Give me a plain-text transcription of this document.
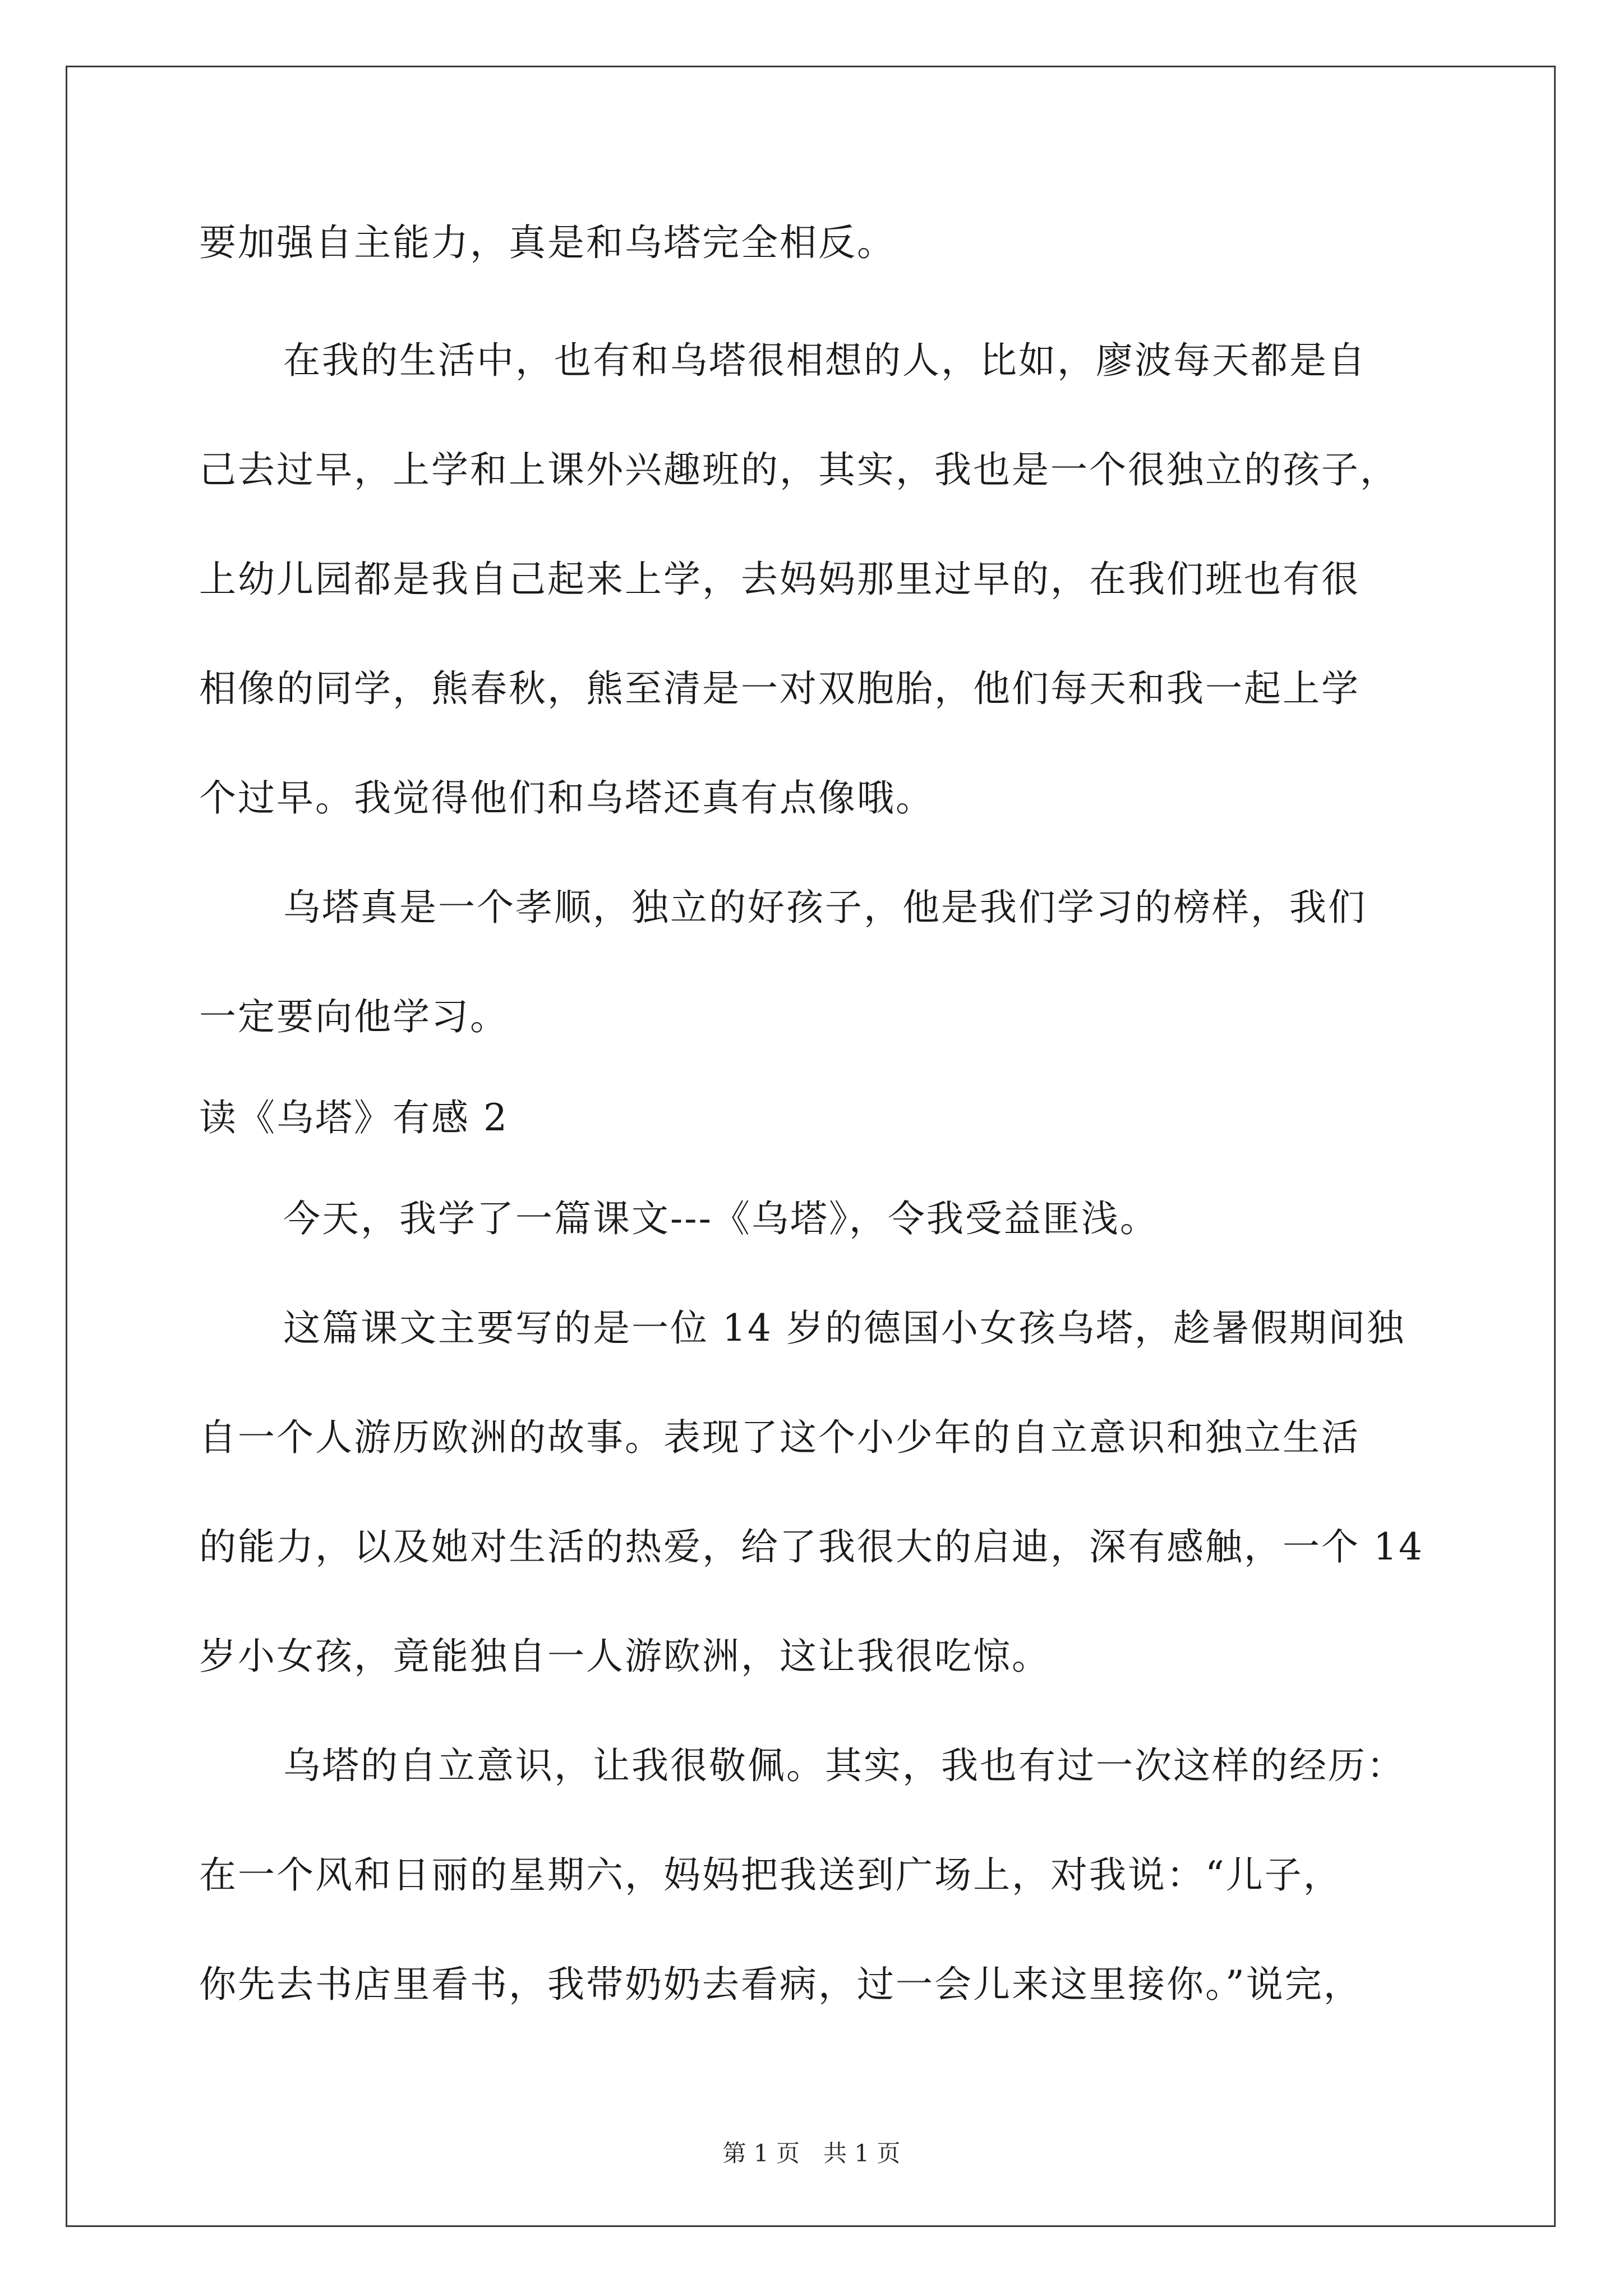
要加强自主能力，真是和乌塔完全相反。
在我的生活中，也有和乌塔很相想的人，比如，廖波每天都是自
己去过早，上学和上课外兴趣班的，其实，我也是一个很独立的孩子，
上幼儿园都是我自己起来上学，去妈妈那里过早的，在我们班也有很
相像的同学，熊春秋，熊至清是一对双胞胎，他们每天和我一起上学
个过早。我觉得他们和乌塔还真有点像哦。
乌塔真是一个孝顺，独立的好孩子，他是我们学习的榜样，我们
一定要向他学习。
读《乌塔》有感 2
今天，我学了一篇课文---《乌塔》，令我受益匪浅。
这篇课文主要写的是一位 14 岁的德国小女孩乌塔，趁暑假期间独
自一个人游历欧洲的故事。表现了这个小少年的自立意识和独立生活
的能力，以及她对生活的热爱，给了我很大的启迪，深有感触，一个 14
岁小女孩，竟能独自一人游欧洲，这让我很吃惊。
乌塔的自立意识，让我很敬佩。其实，我也有过一次这样的经历：
在一个风和日丽的星期六，妈妈把我送到广场上，对我说：“儿子，
你先去书店里看书，我带奶奶去看病，过一会儿来这里接你。”说完，
第 1 页　共 1 页
